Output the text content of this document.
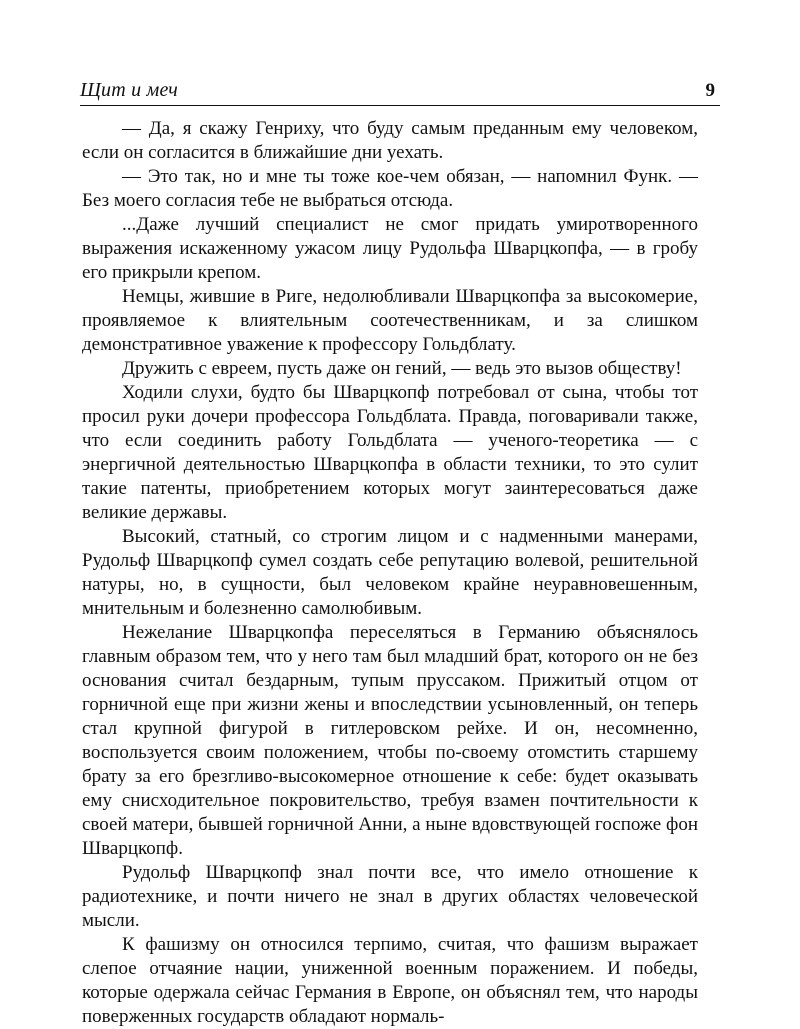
Щит и меч	9

— Да, я скажу Генриху, что буду самым преданным ему человеком, если он согласится в ближайшие дни уехать.

— Это так, но и мне ты тоже кое-чем обязан, — напомнил Функ. — Без моего согласия тебе не выбраться отсюда.

...Даже лучший специалист не смог придать умиротворенного выражения искаженному ужасом лицу Рудольфа Шварцкопфа, — в гробу его прикрыли крепом.

Немцы, жившие в Риге, недолюбливали Шварцкопфа за высокомерие, проявляемое к влиятельным соотечественникам, и за слишком демонстративное уважение к профессору Гольдблату.

Дружить с евреем, пусть даже он гений, — ведь это вызов обществу!

Ходили слухи, будто бы Шварцкопф потребовал от сына, чтобы тот просил руки дочери профессора Гольдблата. Правда, поговаривали также, что если соединить работу Гольдблата — ученого-теоретика — с энергичной деятельностью Шварцкопфа в области техники, то это сулит такие патенты, приобретением которых могут заинтересоваться даже великие державы.

Высокий, статный, со строгим лицом и с надменными манерами, Рудольф Шварцкопф сумел создать себе репутацию волевой, решительной натуры, но, в сущности, был человеком крайне неуравновешенным, мнительным и болезненно самолюбивым.

Нежелание Шварцкопфа переселяться в Германию объяснялось главным образом тем, что у него там был младший брат, которого он не без основания считал бездарным, тупым пруссаком. Прижитый отцом от горничной еще при жизни жены и впоследствии усыновленный, он теперь стал крупной фигурой в гитлеровском рейхе. И он, несомненно, воспользуется своим положением, чтобы по-своему отомстить старшему брату за его брезгливо-высокомерное отношение к себе: будет оказывать ему снисходительное покровительство, требуя взамен почтительности к своей матери, бывшей горничной Анни, а ныне вдовствующей госпоже фон Шварцкопф.

Рудольф Шварцкопф знал почти все, что имело отношение к радиотехнике, и почти ничего не знал в других областях человеческой мысли.

К фашизму он относился терпимо, считая, что фашизм выражает слепое отчаяние нации, униженной военным поражением. И победы, которые одержала сейчас Германия в Европе, он объяснял тем, что народы поверженных государств обладают нормаль-
